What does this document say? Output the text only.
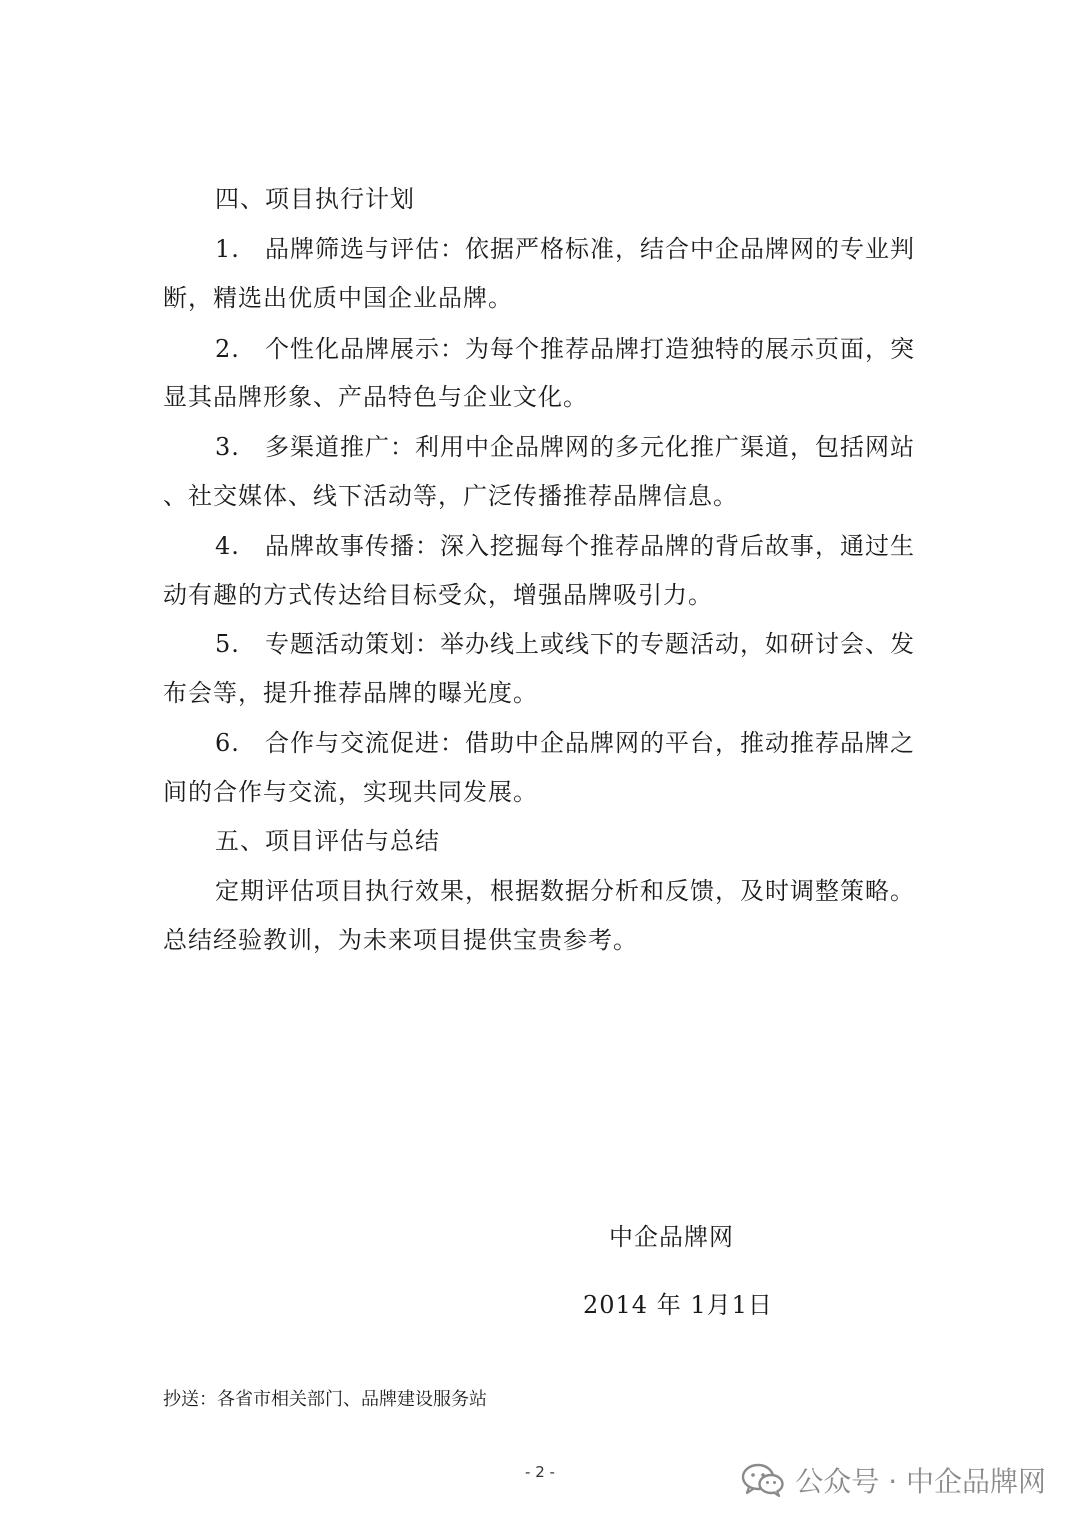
四、项目执行计划
1. 品牌筛选与评估：依据严格标准，结合中企品牌网的专业判
断，精选出优质中国企业品牌。
2. 个性化品牌展示：为每个推荐品牌打造独特的展示页面，突
显其品牌形象、产品特色与企业文化。
3. 多渠道推广：利用中企品牌网的多元化推广渠道，包括网站
、社交媒体、线下活动等，广泛传播推荐品牌信息。
4. 品牌故事传播：深入挖掘每个推荐品牌的背后故事，通过生
动有趣的方式传达给目标受众，增强品牌吸引力。
5. 专题活动策划：举办线上或线下的专题活动，如研讨会、发
布会等，提升推荐品牌的曝光度。
6. 合作与交流促进：借助中企品牌网的平台，推动推荐品牌之
间的合作与交流，实现共同发展。
五、项目评估与总结
定期评估项目执行效果，根据数据分析和反馈，及时调整策略。
总结经验教训，为未来项目提供宝贵参考。
中企品牌网
2014 年 1月1日
抄送：各省市相关部门、品牌建设服务站
- 2 -	公众号 · 中企品牌网
